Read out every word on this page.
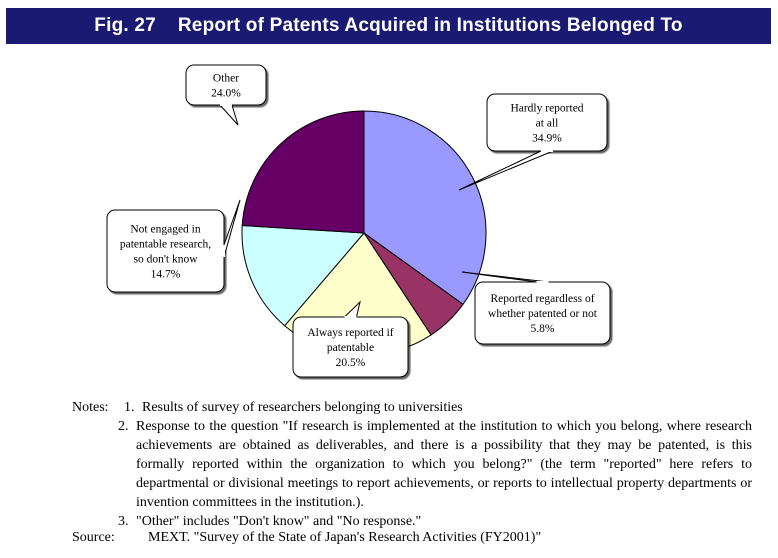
Fig. 27 Report of Patents Acquired in Institutions Belonged To
Hardly reported
at all
34.9%
Reported regardless of
whether patented or not
5.8%
Always reported if
patentable
20.5%
Not engaged in
patentable research,
so don't know
14.7%
Other
24.0%
Notes:	1. Results of survey of researchers belonging to universities
2. Response to the question "If research is implemented at the institution to which you belong, where research achievements are obtained as deliverables, and there is a possibility that they may be patented, is this formally reported within the organization to which you belong?" (the term "reported" here refers to departmental or divisional meetings to report achievements, or reports to intellectual property departments or invention committees in the institution.).
3. "Other" includes "Don't know" and "No response."
Source:	MEXT. "Survey of the State of Japan's Research Activities (FY2001)"
